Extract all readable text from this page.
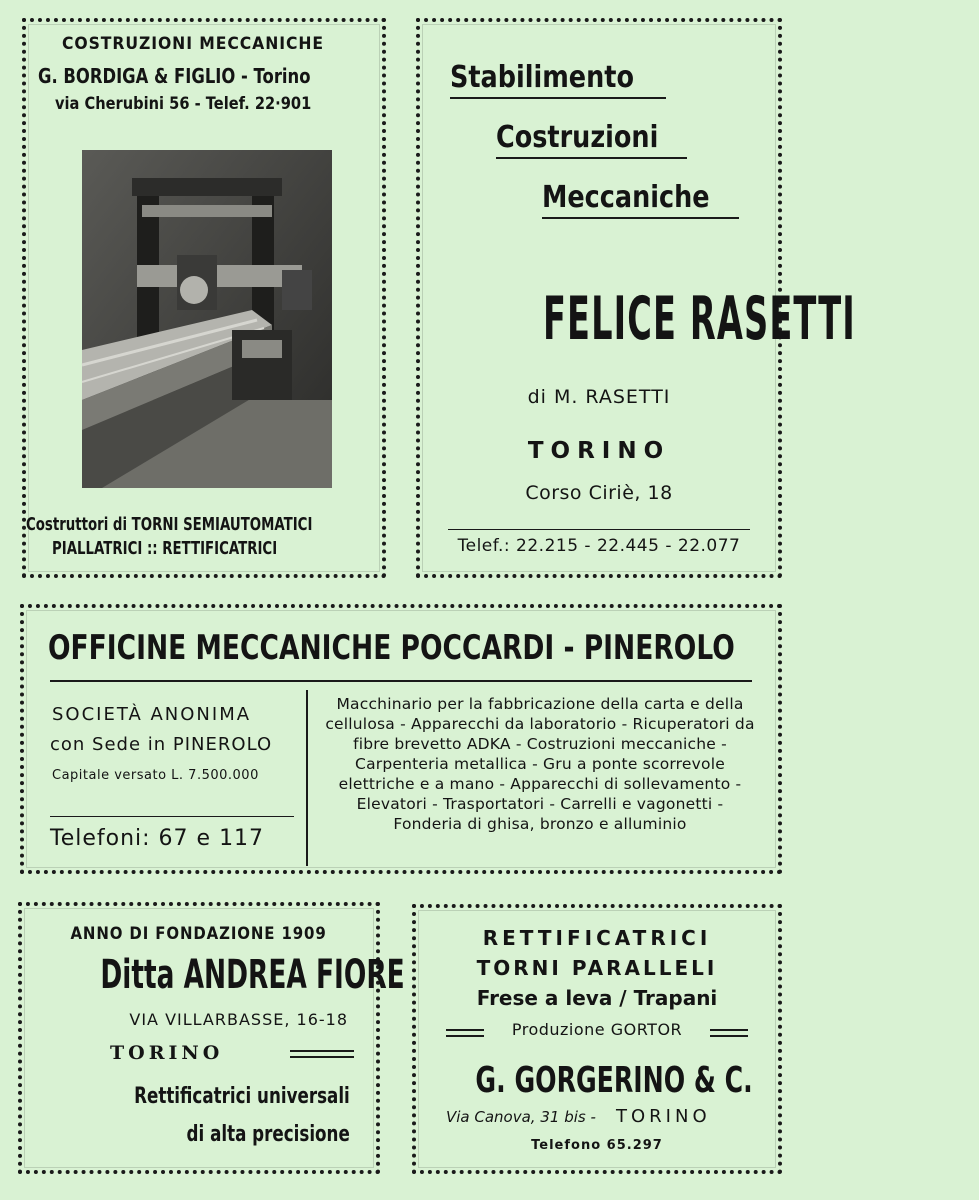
COSTRUZIONI MECCANICHE
G. BORDIGA & FIGLIO - Torino
via Cherubini 56 - Telef. 22·901
Costruttori di TORNI SEMIAUTOMATICI
PIALLATRICI :: RETTIFICATRICI
Stabilimento
Costruzioni
Meccaniche
FELICE RASETTI
di M. RASETTI
TORINO
Corso Ciriè, 18
Telef.: 22.215 - 22.445 - 22.077
OFFICINE MECCANICHE POCCARDI - PINEROLO
SOCIETÀ ANONIMA
con Sede in PINEROLO
Capitale versato L. 7.500.000
Telefoni: 67 e 117
Macchinario per la fabbricazione della carta e della cellulosa - Apparecchi da laboratorio - Ricuperatori da fibre brevetto ADKA - Costruzioni meccaniche - Carpenteria metallica - Gru a ponte scorrevole elettriche e a mano - Apparecchi di sollevamento - Elevatori - Trasportatori - Carrelli e vagonetti - Fonderia di ghisa, bronzo e alluminio
ANNO DI FONDAZIONE 1909
Ditta ANDREA FIORE
VIA VILLARBASSE, 16-18
TORINO
Rettificatrici universali
di alta precisione
RETTIFICATRICI
TORNI PARALLELI
Frese a leva / Trapani
Produzione GORTOR
G. GORGERINO & C.
Via Canova, 31 bis - TORINO
Telefono 65.297
